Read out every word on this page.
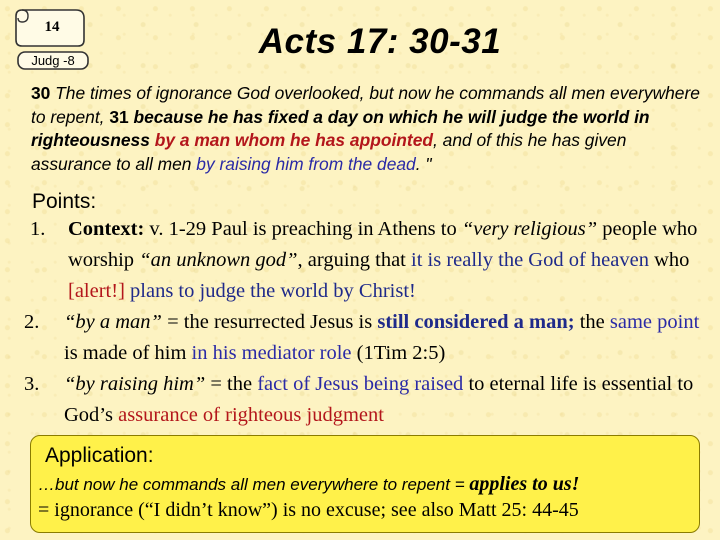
14
Judg -8	Acts 17: 30-31
30 The times of ignorance God overlooked, but now he commands all men everywhere to repent, 31 because he has fixed a day on which he will judge the world in righteousness by a man whom he has appointed, and of this he has given assurance to all men by raising him from the dead. "
Points:
1. Context: v. 1-29 Paul is preaching in Athens to “very religious” people who worship “an unknown god”, arguing that it is really the God of heaven who [alert!] plans to judge the world by Christ!
2. “by a man” = the resurrected Jesus is still considered a man; the same point is made of him in his mediator role (1Tim 2:5)
3. “by raising him” = the fact of Jesus being raised to eternal life is essential to God’s assurance of righteous judgment
Application:
…but now he commands all men everywhere to repent = applies to us!
= ignorance (“I didn’t know”) is no excuse; see also Matt 25: 44-45
